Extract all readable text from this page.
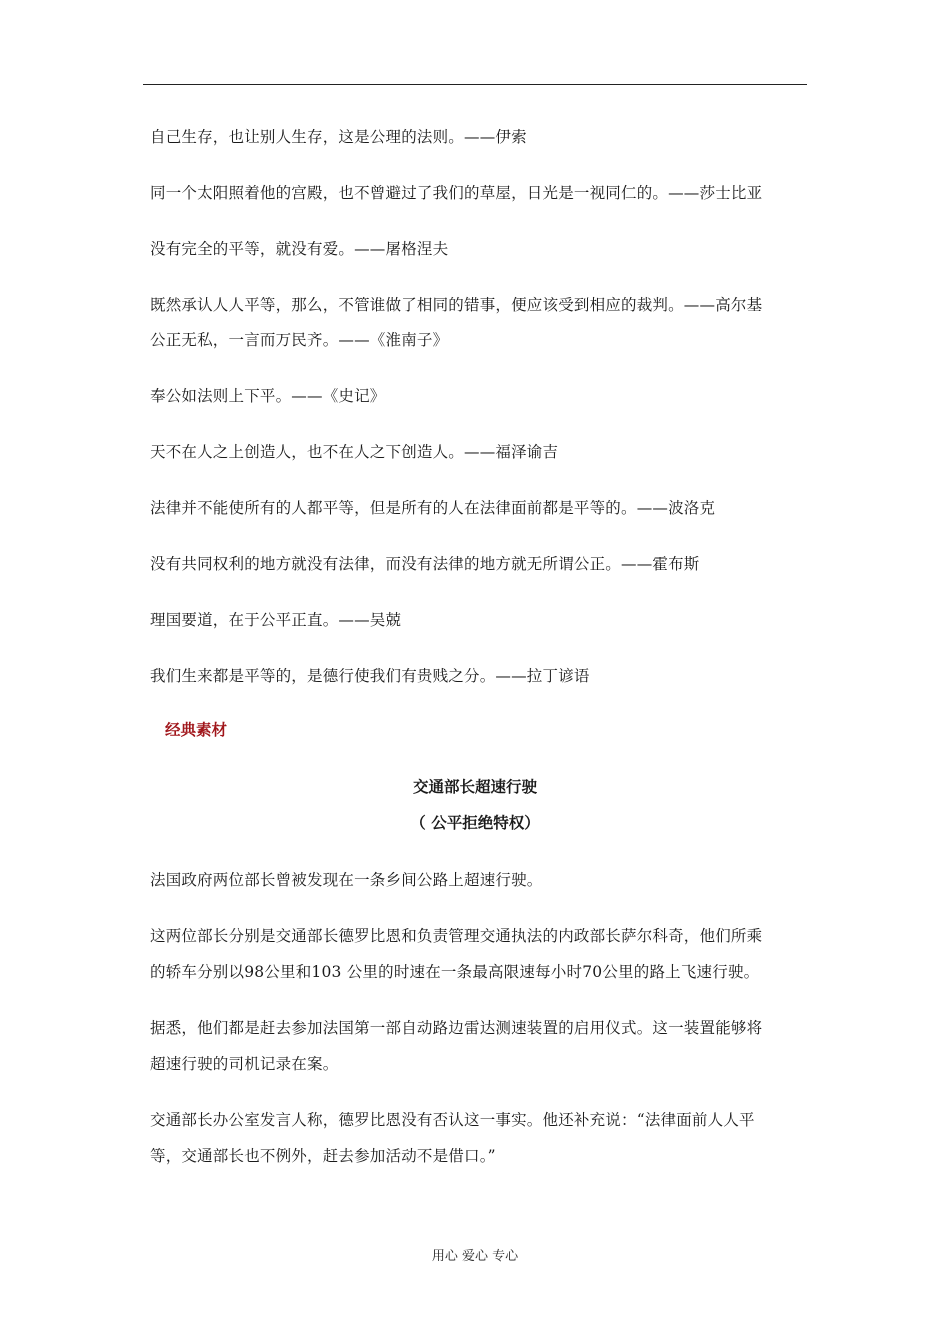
自己生存，也让别人生存，这是公理的法则。——伊索
同一个太阳照着他的宫殿，也不曾避过了我们的草屋，日光是一视同仁的。——莎士比亚
没有完全的平等，就没有爱。——屠格涅夫
既然承认人人平等，那么，不管谁做了相同的错事，便应该受到相应的裁判。——高尔基
公正无私，一言而万民齐。——《淮南子》
奉公如法则上下平。——《史记》
天不在人之上创造人，也不在人之下创造人。——福泽谕吉
法律并不能使所有的人都平等，但是所有的人在法律面前都是平等的。——波洛克
没有共同权利的地方就没有法律，而没有法律的地方就无所谓公正。——霍布斯
理国要道，在于公平正直。——吴兢
我们生来都是平等的，是德行使我们有贵贱之分。——拉丁谚语
经典素材
交通部长超速行驶
（ 公平拒绝特权）
法国政府两位部长曾被发现在一条乡间公路上超速行驶。
这两位部长分别是交通部长德罗比恩和负责管理交通执法的内政部长萨尔科奇，他们所乘
的轿车分别以98公里和103 公里的时速在一条最高限速每小时70公里的路上飞速行驶。
据悉，他们都是赶去参加法国第一部自动路边雷达测速装置的启用仪式。这一装置能够将
超速行驶的司机记录在案。
交通部长办公室发言人称，德罗比恩没有否认这一事实。他还补充说：“法律面前人人平
等，交通部长也不例外，赶去参加活动不是借口。”
用心 爱心 专心
